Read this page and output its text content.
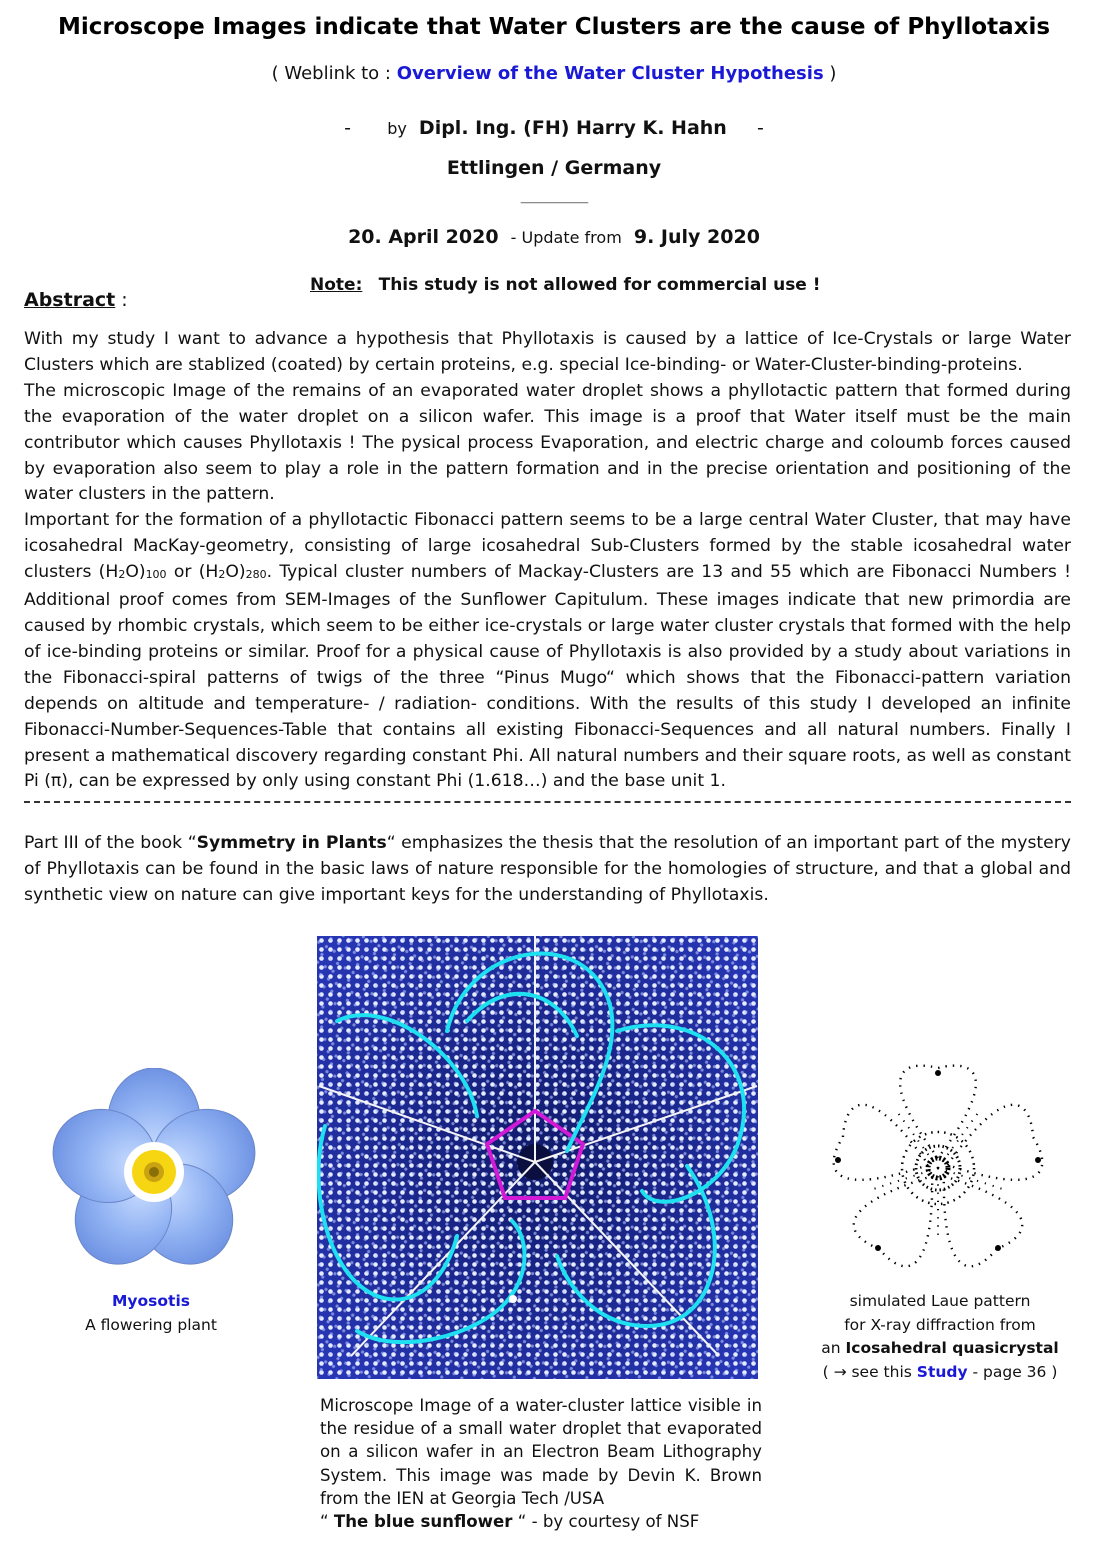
Microscope Images indicate that Water Clusters are the cause of Phyllotaxis
( Weblink to : Overview of the Water Cluster Hypothesis )
- by Dipl. Ing. (FH) Harry K. Hahn -
Ettlingen / Germany
------------------------------
20. April 2020 - Update from 9. July 2020
Note: This study is not allowed for commercial use !
Abstract :

With my study I want to advance a hypothesis that Phyllotaxis is caused by a lattice of Ice-Crystals or large Water Clusters which are stablized (coated) by certain proteins, e.g. special Ice-binding- or Water-Cluster-binding-proteins.

The microscopic Image of the remains of an evaporated water droplet shows a phyllotactic pattern that formed during the evaporation of the water droplet on a silicon wafer. This image is a proof that Water itself must be the main contributor which causes Phyllotaxis ! The pysical process Evaporation, and electric charge and coloumb forces caused by evaporation also seem to play a role in the pattern formation and in the precise orientation and positioning of the water clusters in the pattern.

Important for the formation of a phyllotactic Fibonacci pattern seems to be a large central Water Cluster, that may have icosahedral MacKay-geometry, consisting of large icosahedral Sub-Clusters formed by the stable icosahedral water clusters $(H_2O)_{100}$ or $(H_2O)_{280}$. Typical cluster numbers of Mackay-Clusters are 13 and 55 which are Fibonacci Numbers ! Additional proof comes from SEM-Images of the Sunflower Capitulum. These images indicate that new primordia are caused by rhombic crystals, which seem to be either ice-crystals or large water cluster crystals that formed with the help of ice-binding proteins or similar. Proof for a physical cause of Phyllotaxis is also provided by a study about variations in the Fibonacci-spiral patterns of twigs of the three “Pinus Mugo“ which shows that the Fibonacci-pattern variation depends on altitude and temperature- / radiation- conditions. With the results of this study I developed an infinite Fibonacci-Number-Sequences-Table that contains all existing Fibonacci-Sequences and all natural numbers. Finally I present a mathematical discovery regarding constant Phi. All natural numbers and their square roots, as well as constant Pi (π), can be expressed by only using constant Phi (1.618…) and the base unit 1.

Part III of the book “Symmetry in Plants“ emphasizes the thesis that the resolution of an important part of the mystery of Phyllotaxis can be found in the basic laws of nature responsible for the homologies of structure, and that a global and synthetic view on nature can give important keys for the understanding of Phyllotaxis.

Myosotis
A flowering plant
Microscope Image of a water-cluster lattice visible in the residue of a small water droplet that evaporated on a silicon wafer in an Electron Beam Lithography System. This image was made by Devin K. Brown from the IEN at Georgia Tech /USA
“ The blue sunflower “ - by courtesy of NSF
simulated Laue pattern
for X-ray diffraction from
an Icosahedral quasicrystal
( → see this Study - page 36 )
